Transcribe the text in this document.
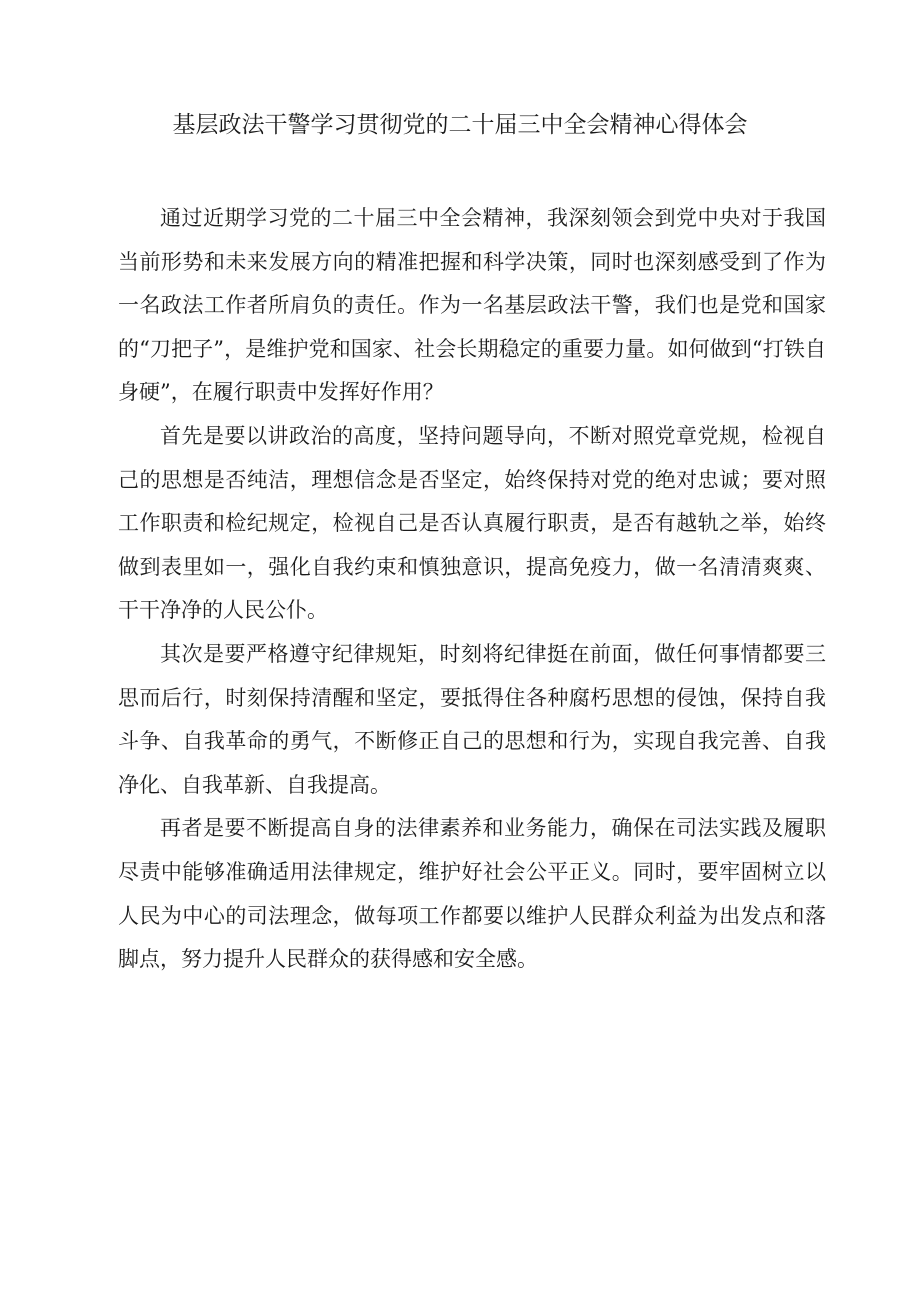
基层政法干警学习贯彻党的二十届三中全会精神心得体会

通过近期学习党的二十届三中全会精神，我深刻领会到党中央对于我国当前形势和未来发展方向的精准把握和科学决策，同时也深刻感受到了作为一名政法工作者所肩负的责任。作为一名基层政法干警，我们也是党和国家的“刀把子”，是维护党和国家、社会长期稳定的重要力量。如何做到“打铁自身硬”，在履行职责中发挥好作用？

首先是要以讲政治的高度，坚持问题导向，不断对照党章党规，检视自己的思想是否纯洁，理想信念是否坚定，始终保持对党的绝对忠诚；要对照工作职责和检纪规定，检视自己是否认真履行职责，是否有越轨之举，始终做到表里如一，强化自我约束和慎独意识，提高免疫力，做一名清清爽爽、干干净净的人民公仆。

其次是要严格遵守纪律规矩，时刻将纪律挺在前面，做任何事情都要三思而后行，时刻保持清醒和坚定，要抵得住各种腐朽思想的侵蚀，保持自我斗争、自我革命的勇气，不断修正自己的思想和行为，实现自我完善、自我净化、自我革新、自我提高。

再者是要不断提高自身的法律素养和业务能力，确保在司法实践及履职尽责中能够准确适用法律规定，维护好社会公平正义。同时，要牢固树立以人民为中心的司法理念，做每项工作都要以维护人民群众利益为出发点和落脚点，努力提升人民群众的获得感和安全感。
